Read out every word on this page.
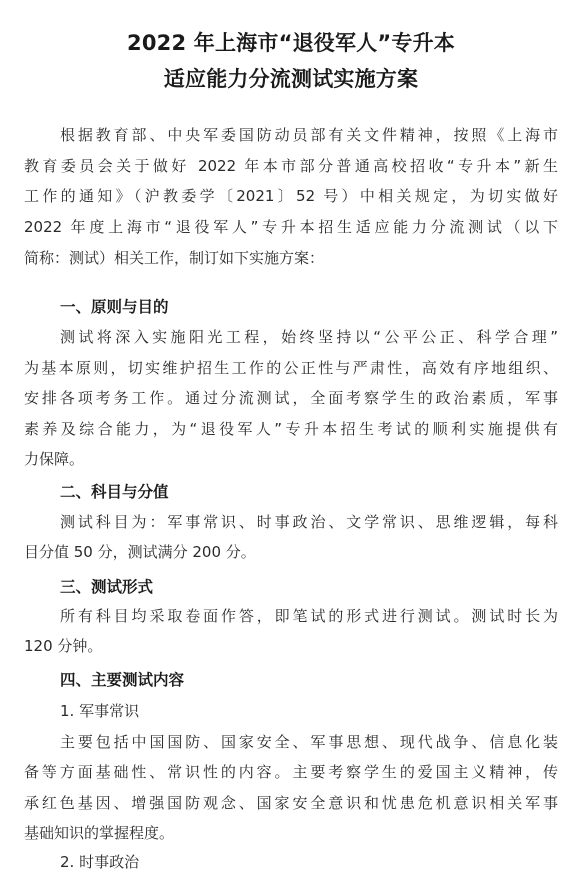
2022 年上海市“退役军人”专升本
适应能力分流测试实施方案
根据教育部、中央军委国防动员部有关文件精神，按照《上海市
教育委员会关于做好 2022 年本市部分普通高校招收“专升本”新生
工作的通知》（沪教委学〔2021〕52 号）中相关规定，为切实做好
2022 年度上海市“退役军人”专升本招生适应能力分流测试（以下
简称：测试）相关工作，制订如下实施方案：
一、原则与目的
测试将深入实施阳光工程，始终坚持以“公平公正、科学合理”
为基本原则，切实维护招生工作的公正性与严肃性，高效有序地组织、
安排各项考务工作。通过分流测试，全面考察学生的政治素质，军事
素养及综合能力，为“退役军人”专升本招生考试的顺利实施提供有
力保障。
二、科目与分值
测试科目为：军事常识、时事政治、文学常识、思维逻辑，每科
目分值 50 分，测试满分 200 分。
三、测试形式
所有科目均采取卷面作答，即笔试的形式进行测试。测试时长为
120 分钟。
四、主要测试内容
1. 军事常识
主要包括中国国防、国家安全、军事思想、现代战争、信息化装
备等方面基础性、常识性的内容。主要考察学生的爱国主义精神，传
承红色基因、增强国防观念、国家安全意识和忧患危机意识相关军事
基础知识的掌握程度。
2. 时事政治
